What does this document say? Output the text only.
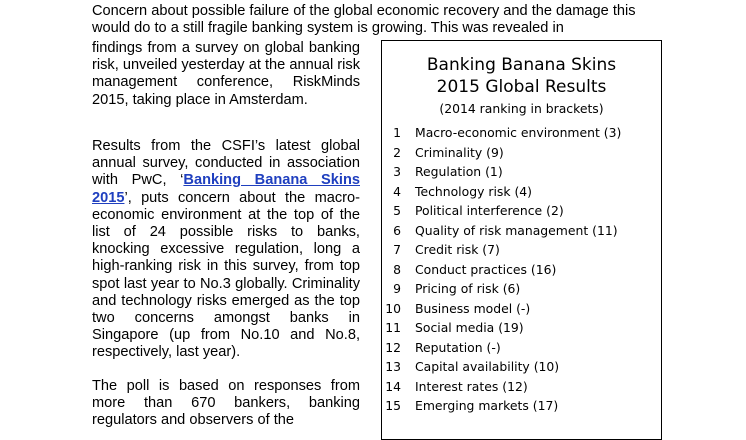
Concern about possible failure of the global economic recovery and the damage this would do to a still fragile banking system is growing. This was revealed in

findings from a survey on global banking risk, unveiled yesterday at the annual risk management conference, RiskMinds 2015, taking place in Amsterdam.

Results from the CSFI’s latest global annual survey, conducted in association with PwC, ‘Banking Banana Skins 2015’, puts concern about the macro-economic environment at the top of the list of 24 possible risks to banks, knocking excessive regulation, long a high-ranking risk in this survey, from top spot last year to No.3 globally. Criminality and technology risks emerged as the top two concerns amongst banks in Singapore (up from No.10 and No.8, respectively, last year).

The poll is based on responses from more than 670 bankers, banking regulators and observers of the

Banking Banana Skins
2015 Global Results
(2014 ranking in brackets)
1 Macro-economic environment (3)
2 Criminality (9)
3 Regulation (1)
4 Technology risk (4)
5 Political interference (2)
6 Quality of risk management (11)
7 Credit risk (7)
8 Conduct practices (16)
9 Pricing of risk (6)
10 Business model (-)
11 Social media (19)
12 Reputation (-)
13 Capital availability (10)
14 Interest rates (12)
15 Emerging markets (17)
